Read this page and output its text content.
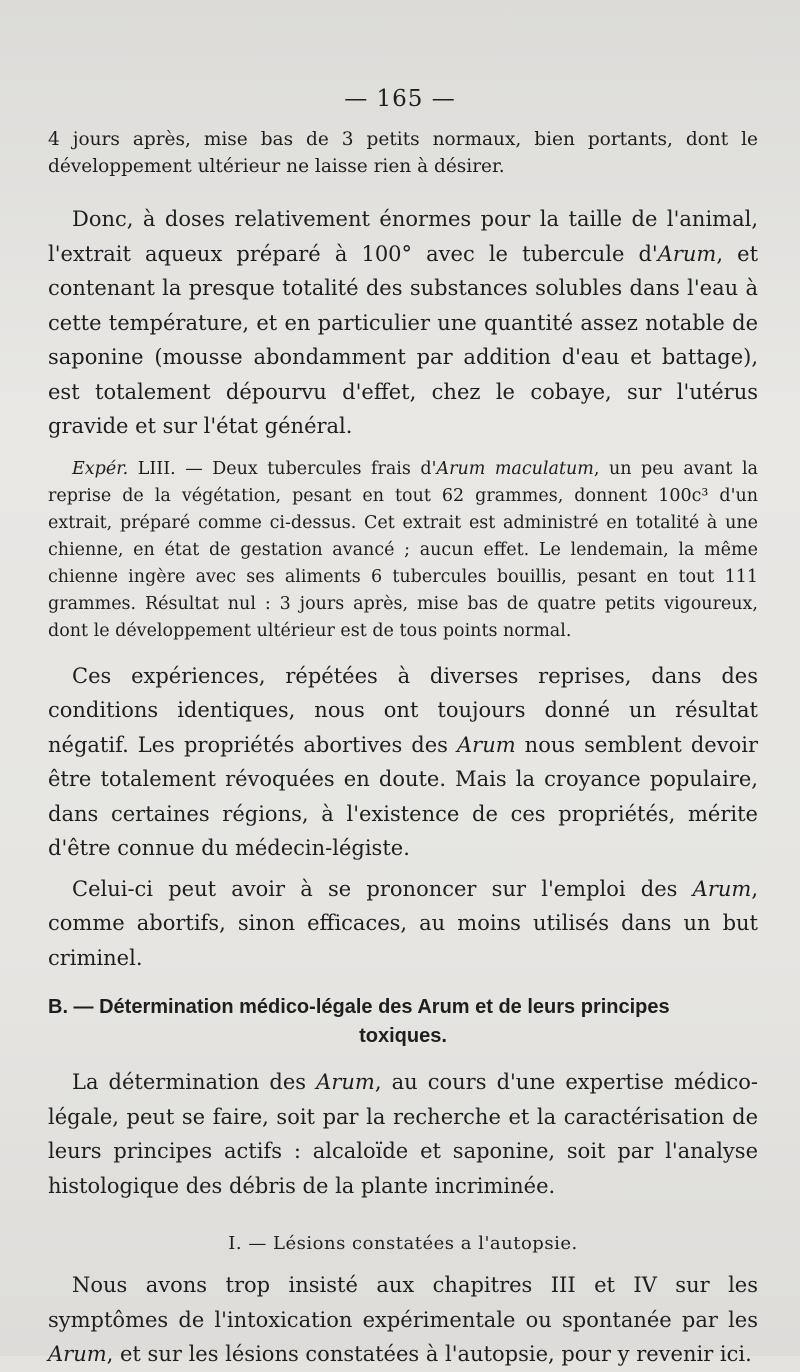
— 165 —

4 jours après, mise bas de 3 petits normaux, bien portants, dont le développement ultérieur ne laisse rien à désirer.

Donc, à doses relativement énormes pour la taille de l'animal, l'extrait aqueux préparé à 100° avec le tubercule d'Arum, et contenant la presque totalité des substances solubles dans l'eau à cette température, et en particulier une quantité assez notable de saponine (mousse abondamment par addition d'eau et battage), est totalement dépourvu d'effet, chez le cobaye, sur l'utérus gravide et sur l'état général.

Expér. LIII. — Deux tubercules frais d'Arum maculatum, un peu avant la reprise de la végétation, pesant en tout 62 grammes, donnent 100c³ d'un extrait, préparé comme ci-dessus. Cet extrait est administré en totalité à une chienne, en état de gestation avancé ; aucun effet. Le lendemain, la même chienne ingère avec ses aliments 6 tubercules bouillis, pesant en tout 111 grammes. Résultat nul : 3 jours après, mise bas de quatre petits vigoureux, dont le développement ultérieur est de tous points normal.

Ces expériences, répétées à diverses reprises, dans des conditions identiques, nous ont toujours donné un résultat négatif. Les propriétés abortives des Arum nous semblent devoir être totalement révoquées en doute. Mais la croyance populaire, dans certaines régions, à l'existence de ces propriétés, mérite d'être connue du médecin-légiste.

Celui-ci peut avoir à se prononcer sur l'emploi des Arum, comme abortifs, sinon efficaces, au moins utilisés dans un but criminel.

B. — Détermination médico-légale des Arum et de leurs principes
toxiques.

La détermination des Arum, au cours d'une expertise médico-légale, peut se faire, soit par la recherche et la caractérisation de leurs principes actifs : alcaloïde et saponine, soit par l'analyse histologique des débris de la plante incriminée.

I. — Lésions constatées a l'autopsie.

Nous avons trop insisté aux chapitres III et IV sur les symptômes de l'intoxication expérimentale ou spontanée par les Arum, et sur les lésions constatées à l'autopsie, pour y revenir ici.
